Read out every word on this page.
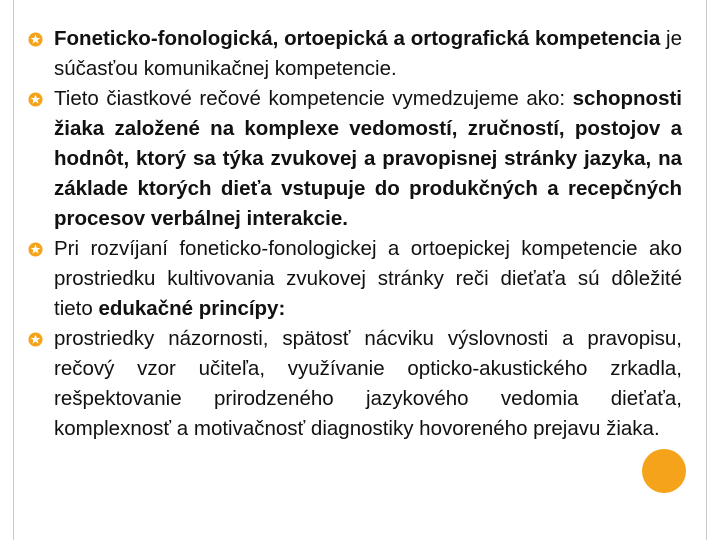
Foneticko-fonologická, ortoepická a ortografická kompetencia je súčasťou komunikačnej kompetencie.
Tieto čiastkové rečové kompetencie vymedzujeme ako: schopnosti žiaka založené na komplexe vedomostí, zručností, postojov a hodnôt, ktorý sa týka zvukovej a pravopisnej stránky jazyka, na základe ktorých dieťa vstupuje do produkčných a recepčných procesov verbálnej interakcie.
Pri rozvíjaní foneticko-fonologickej a ortoepickej kompetencie ako prostriedku kultivovania zvukovej stránky reči dieťaťa sú dôležité tieto edukačné princípy:
prostriedky názornosti, spätosť nácviku výslovnosti a pravopisu, rečový vzor učiteľa, využívanie opticko-akustického zrkadla, rešpektovanie prirodzeného jazykového vedomia dieťaťa, komplexnosť a motivačnosť diagnostiky hovoreného prejavu žiaka.
